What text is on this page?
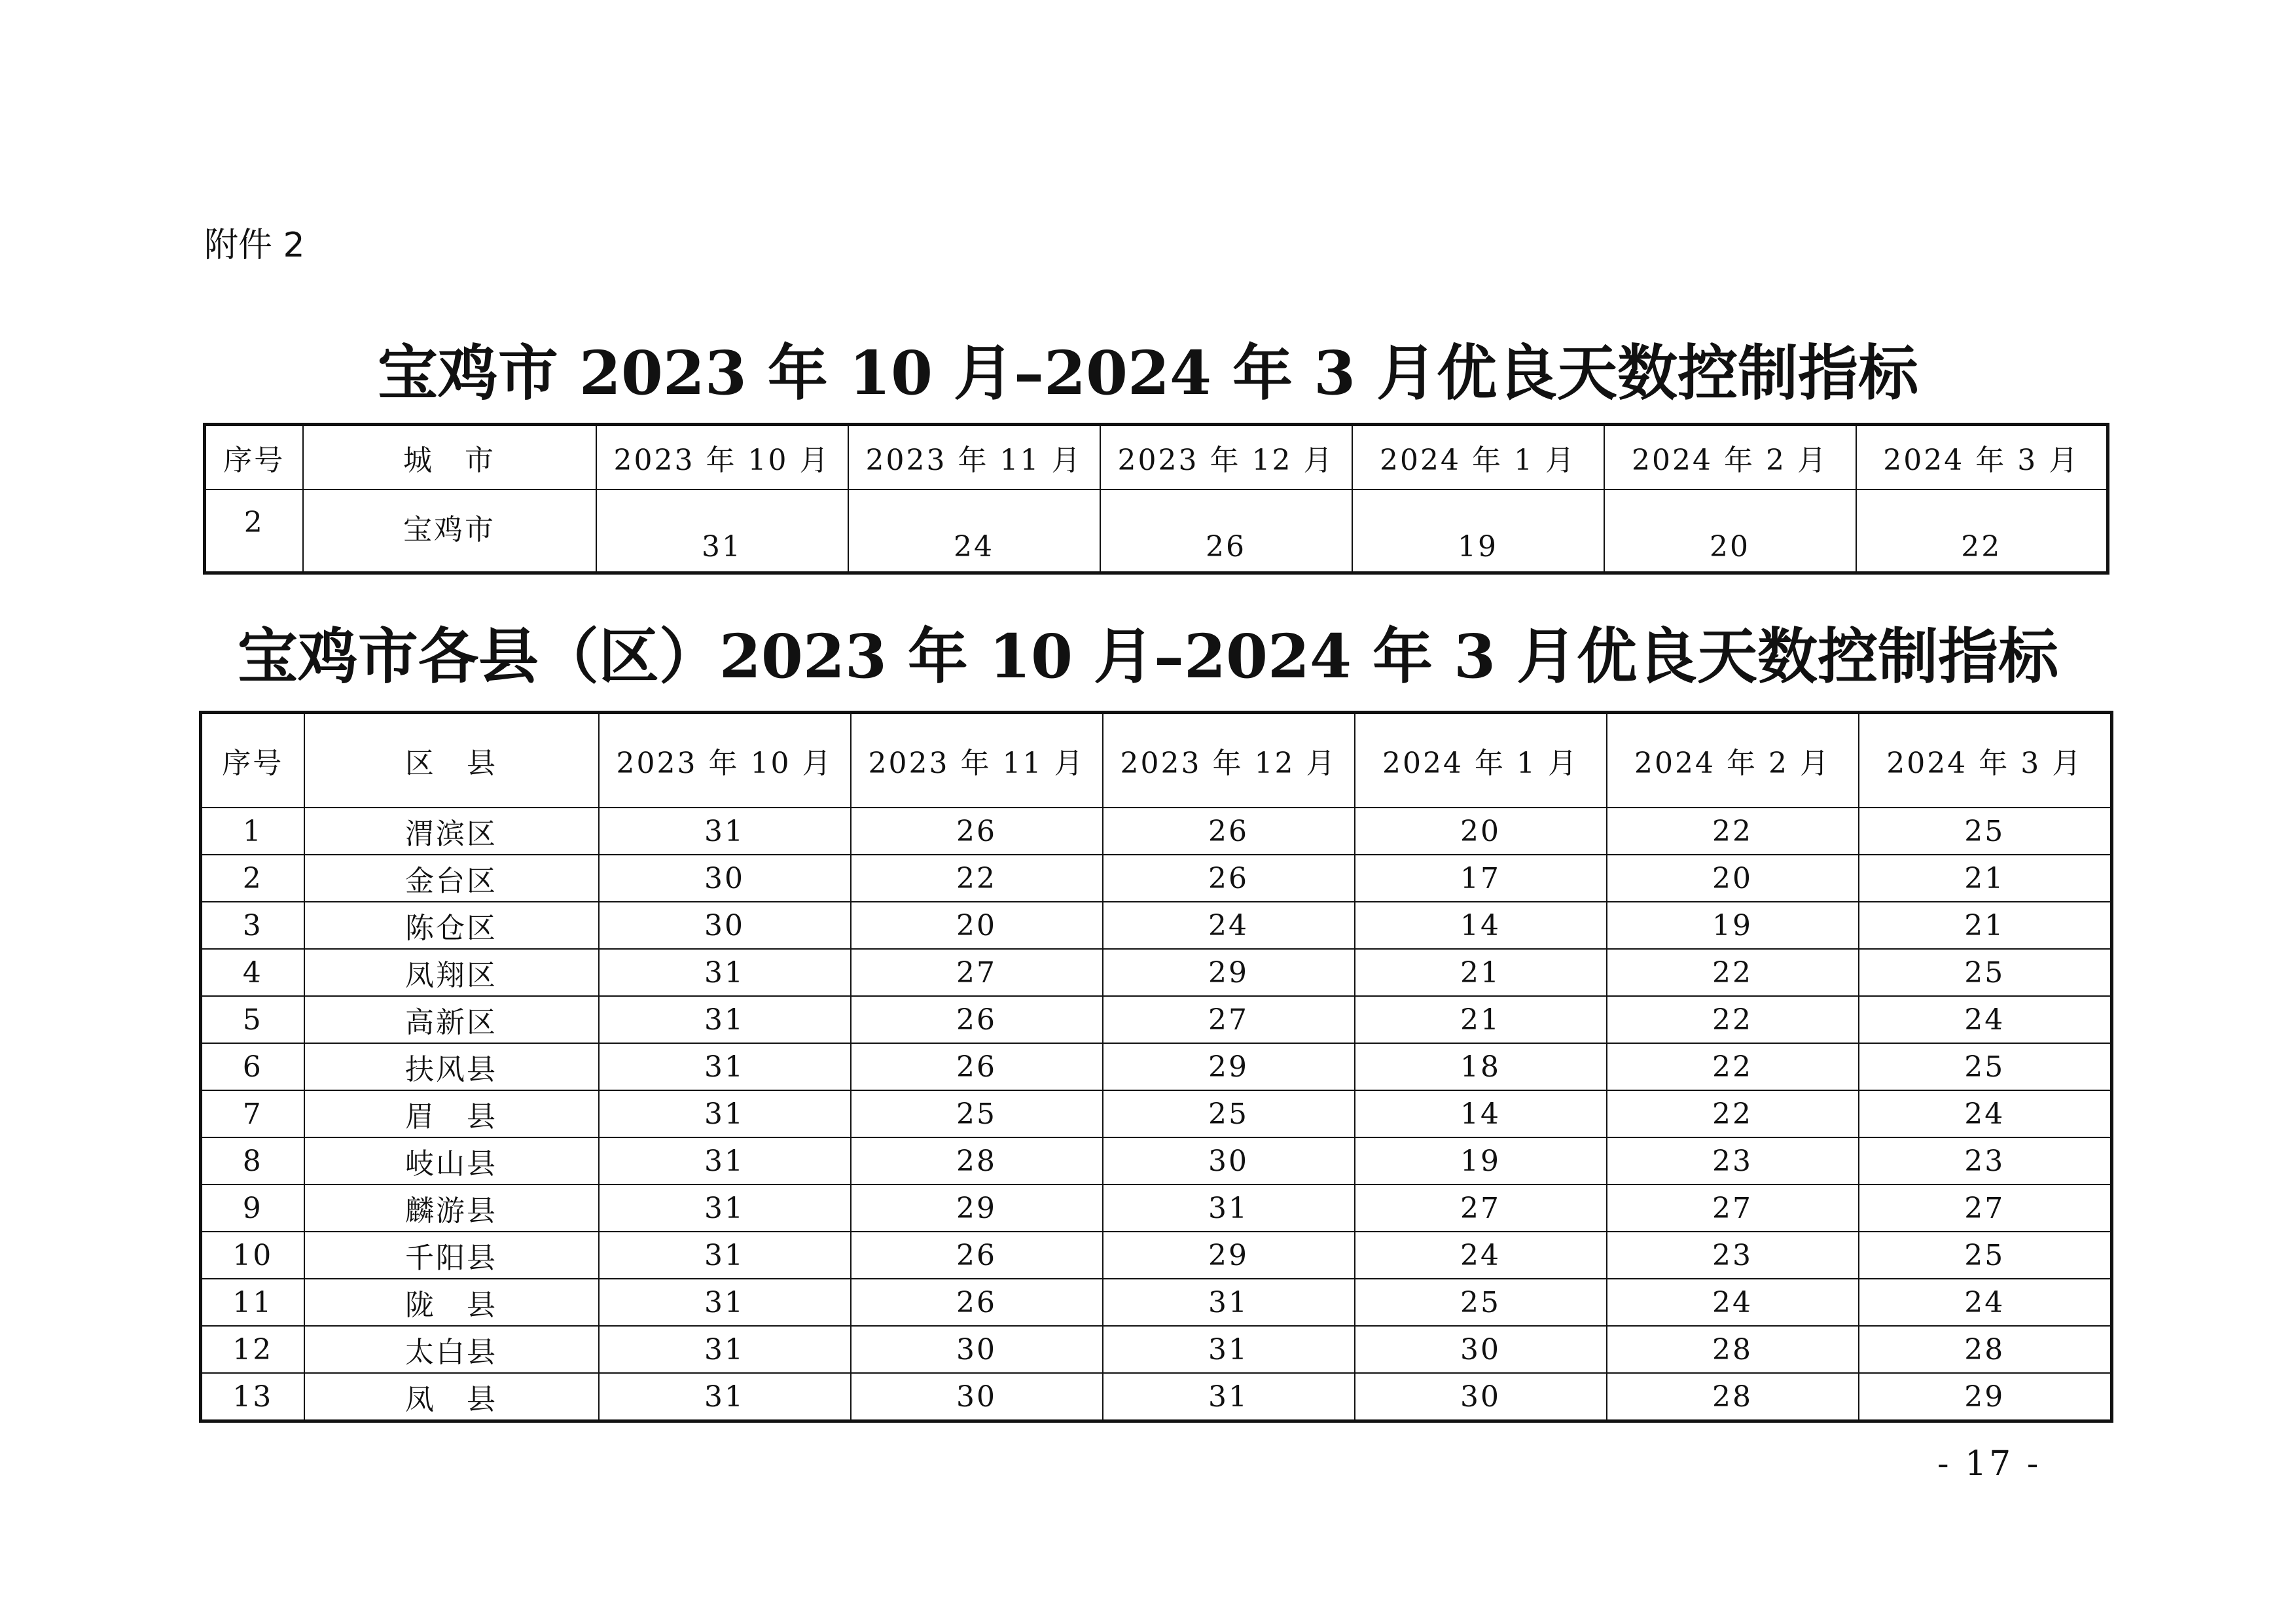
附件 2

宝鸡市 2023 年 10 月–2024 年 3 月优良天数控制指标
序号	城　市	2023 年 10 月	2023 年 11 月	2023 年 12 月	2024 年 1 月	2024 年 2 月	2024 年 3 月
2	宝鸡市	31	24	26	19	20	22
宝鸡市各县（区）2023 年 10 月–2024 年 3 月优良天数控制指标
序号	区　县	2023 年 10 月	2023 年 11 月	2023 年 12 月	2024 年 1 月	2024 年 2 月	2024 年 3 月
1	渭滨区	31	26	26	20	22	25
2	金台区	30	22	26	17	20	21
3	陈仓区	30	20	24	14	19	21
4	凤翔区	31	27	29	21	22	25
5	高新区	31	26	27	21	22	24
6	扶风县	31	26	29	18	22	25
7	眉　县	31	25	25	14	22	24
8	岐山县	31	28	30	19	23	23
9	麟游县	31	29	31	27	27	27
10	千阳县	31	26	29	24	23	25
11	陇　县	31	26	31	25	24	24
12	太白县	31	30	31	30	28	28
13	凤　县	31	30	31	30	28	29

- 17 -
